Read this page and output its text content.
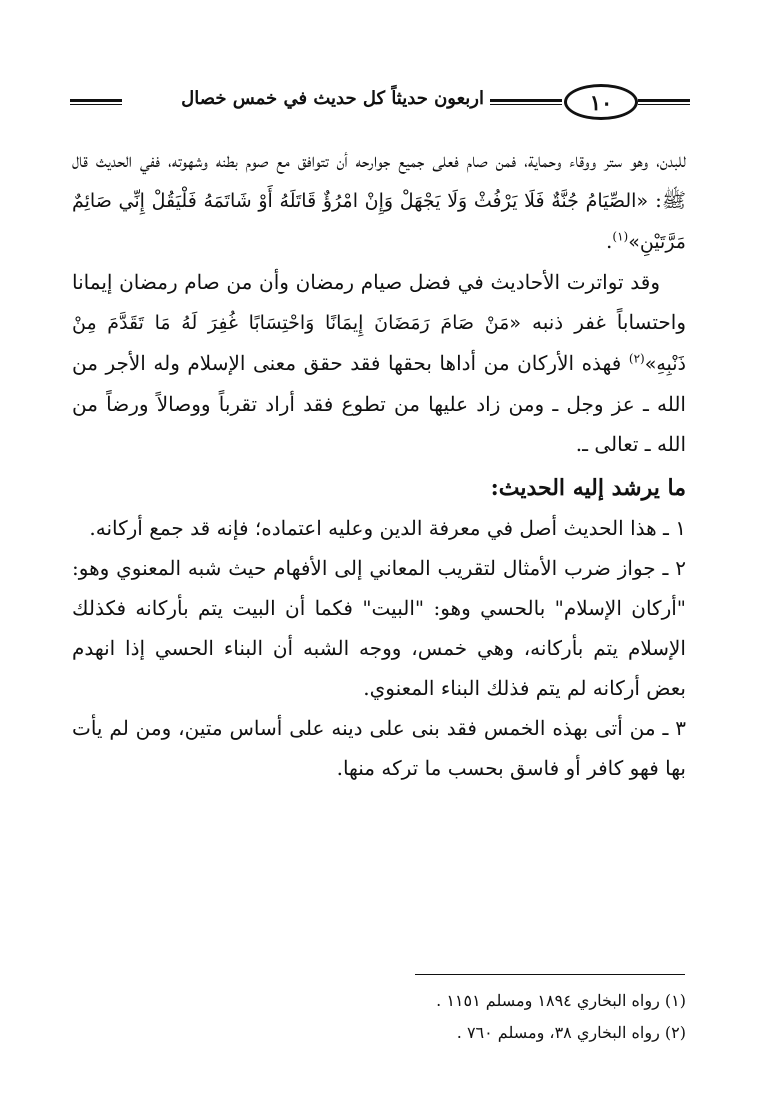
١٠
اربعون حديثاً كل حديث في خمس خصال

للبدن، وهو ستر ووقاء وحماية، فمن صام فعلى جميع جوارحه أن تتوافق مع صوم بطنه وشهوته، ففي الحديث قال ﷺ: «الصِّيَامُ جُنَّةٌ فَلَا يَرْفُثْ وَلَا يَجْهَلْ وَإِنْ امْرُؤٌ قَاتَلَهُ أَوْ شَاتَمَهُ فَلْيَقُلْ إِنِّي صَائِمٌ مَرَّتَيْنِ»$^{(١)}$.

وقد تواترت الأحاديث في فضل صيام رمضان وأن من صام رمضان إيمانا واحتساباً غفر ذنبه «مَنْ صَامَ رَمَضَانَ إِيمَانًا وَاحْتِسَابًا غُفِرَ لَهُ مَا تَقَدَّمَ مِنْ ذَنْبِهِ»$^{(٢)}$ فهذه الأركان من أداها بحقها فقد حقق معنى الإسلام وله الأجر من الله ـ عز وجل ـ ومن زاد عليها من تطوع فقد أراد تقرباً ووصالاً ورضاً من الله ـ تعالى ـ.

ما يرشد إليه الحديث:

١ ـ هذا الحديث أصل في معرفة الدين وعليه اعتماده؛ فإنه قد جمع أركانه.

٢ ـ جواز ضرب الأمثال لتقريب المعاني إلى الأفهام حيث شبه المعنوي وهو: "أركان الإسلام" بالحسي وهو: "البيت" فكما أن البيت يتم بأركانه فكذلك الإسلام يتم بأركانه، وهي خمس، ووجه الشبه أن البناء الحسي إذا انهدم بعض أركانه لم يتم فذلك البناء المعنوي.

٣ ـ من أتى بهذه الخمس فقد بنى على دينه على أساس متين، ومن لم يأت بها فهو كافر أو فاسق بحسب ما تركه منها.

(١) رواه البخاري ١٨٩٤ ومسلم ١١٥١ .

(٢) رواه البخاري ٣٨، ومسلم ٧٦٠ .
